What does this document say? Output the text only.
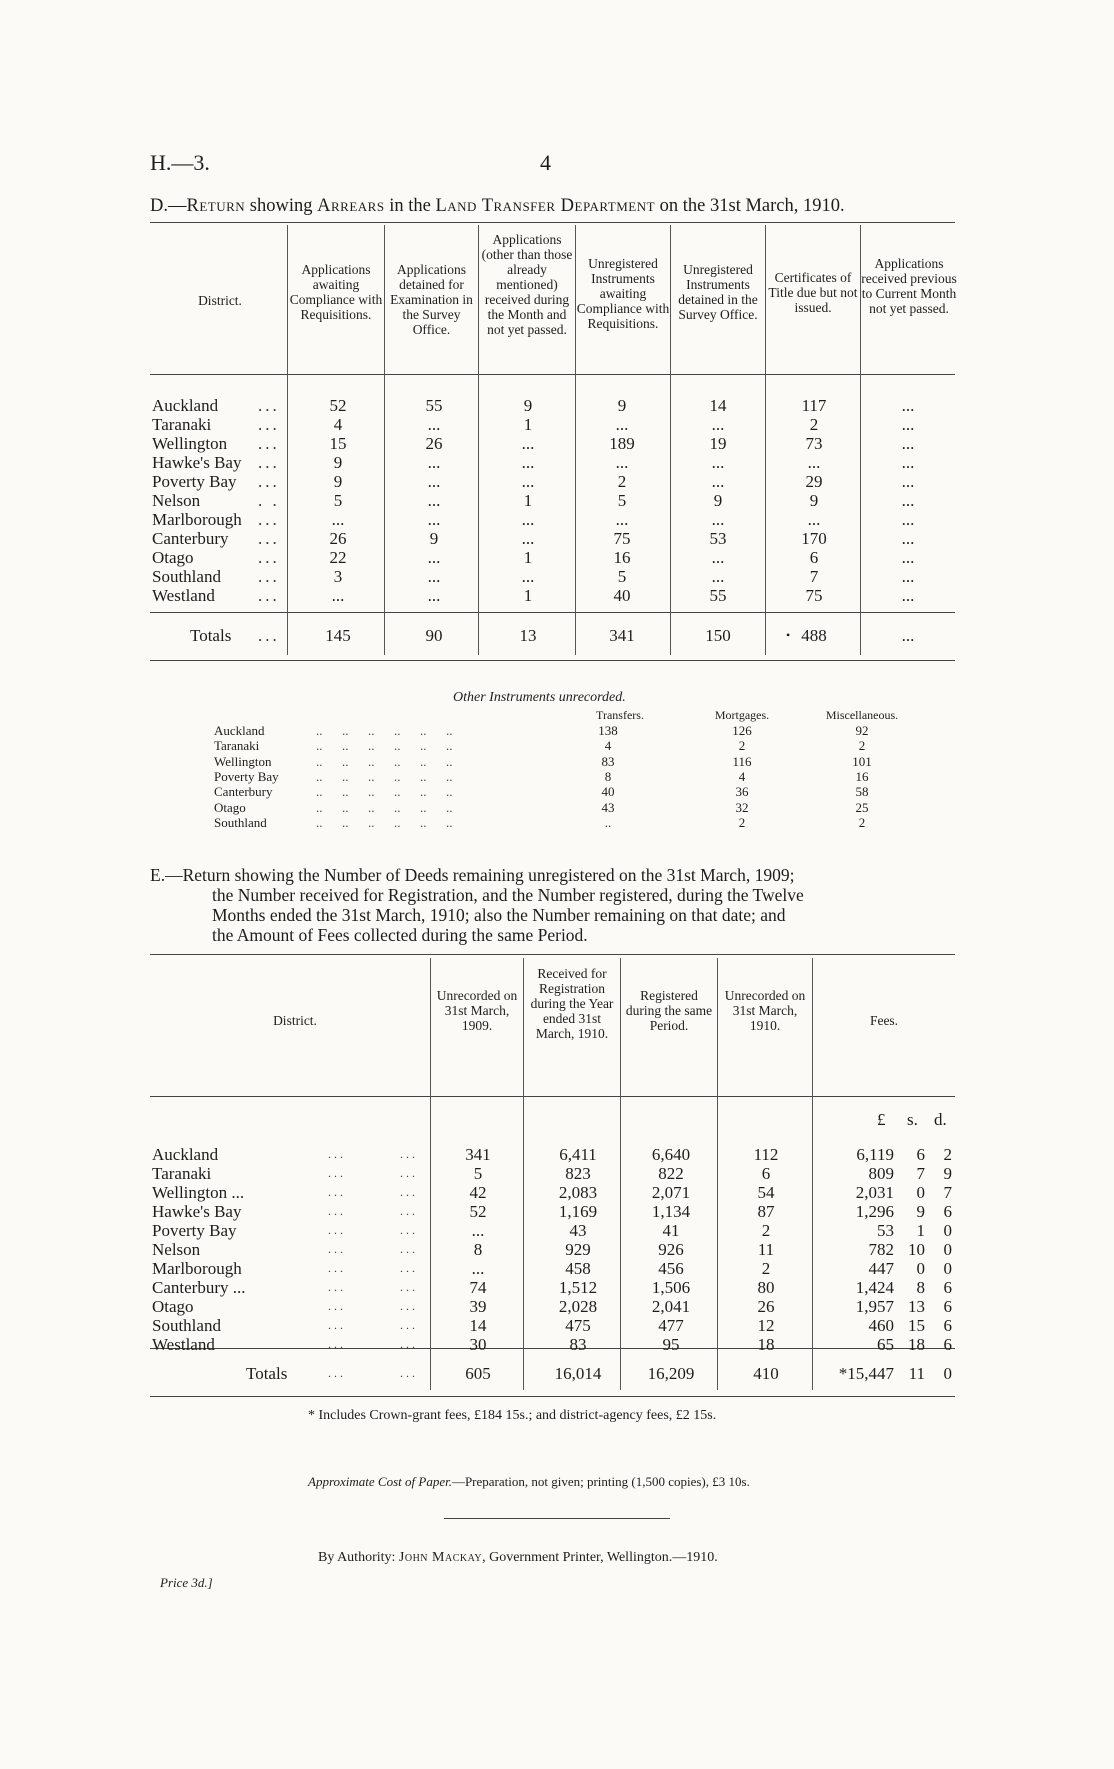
H.—3.	4
D.—Return showing Arrears in the Land Transfer Department on the 31st March, 1910.
District.
Applications awaiting Compliance with Requisitions.
Applications detained for Examination in the Survey Office.
Applications (other than those already mentioned) received during the Month and not yet passed.
Unregistered Instruments awaiting Compliance with Requisitions.
Unregistered Instruments detained in the Survey Office.
Certificates of Title due but not issued.
Applications received previous to Current Month not yet passed.
Auckland ...	52	55	9	9	14	117	...
Taranaki	...	4	...	1	...	...	2	...
Wellington ...	15	26	...	189	19	73	...
Hawke's Bay ...	9	...	...	...	...	...	...
Poverty Bay ...	9	...	...	2	...	29	...
Nelson	. .	5	...	1	5	9	9	...
Marlborough ...	...	...	...	...	...	...	...
Canterbury ...	26	9	...	75	53	170	...
Otago	...	22	...	1	16	...	6	...
Southland ...	3	...	...	5	...	7	...
Westland	...	...	...	1	40	55	75	...
Totals ...	145	90	13	341	150	488	...
•
Other Instruments unrecorded.
Transfers.	Mortgages.	Miscellaneous.
Auckland	..      ..      ..      ..      ..      ..	138	126	92
Taranaki	..      ..      ..      ..      ..      ..	4	2	2
Wellington	..      ..      ..      ..      ..      ..	83	116	101
Poverty Bay	..      ..      ..      ..      ..      ..	8	4	16
Canterbury	..      ..      ..      ..      ..      ..	40	36	58
Otago	..      ..      ..      ..      ..      ..	43	32	25
Southland	..      ..      ..      ..      ..      ..	..	2	2
E.—Return showing the Number of Deeds remaining unregistered on the 31st March, 1909;
the Number received for Registration, and the Number registered, during the Twelve
Months ended the 31st March, 1910; also the Number remaining on that date; and
the Amount of Fees collected during the same Period.
District.
Unrecorded on 31st March, 1909.
Received for Registration during the Year ended 31st March, 1910.
Registered during the same Period.
Unrecorded on 31st March, 1910.	Fees.
£ s. d.
Auckland	...	...	341	6,411	6,640	112	6,119 6 2
Taranaki	...	...	5	823	822	6	809 7 9
Wellington ...	...	...	42	2,083	2,071	54	2,031 0 7
Hawke's Bay	...	...	52	1,169	1,134	87	1,296 9 6
Poverty Bay	...	...	...	43	41	2	53 1 0
Nelson	...	...	8	929	926	11	782 10 0
Marlborough	...	...	...	458	456	2	447 0 0
Canterbury ...	...	...	74	1,512	1,506	80	1,424 8 6
Otago	...	...	39	2,028	2,041	26	1,957 13 6
Southland	...	...	14	475	477	12	460 15 6
Westland	...	...	30	83	95	18	65 18 6
Totals	...	...	605	16,014	16,209	410	*15,447 11 0
* Includes Crown-grant fees, £184 15s.; and district-agency fees, £2 15s.
Approximate Cost of Paper.—Preparation, not given; printing (1,500 copies), £3 10s.
By Authority: John Mackay, Government Printer, Wellington.—1910.
Price 3d.]
